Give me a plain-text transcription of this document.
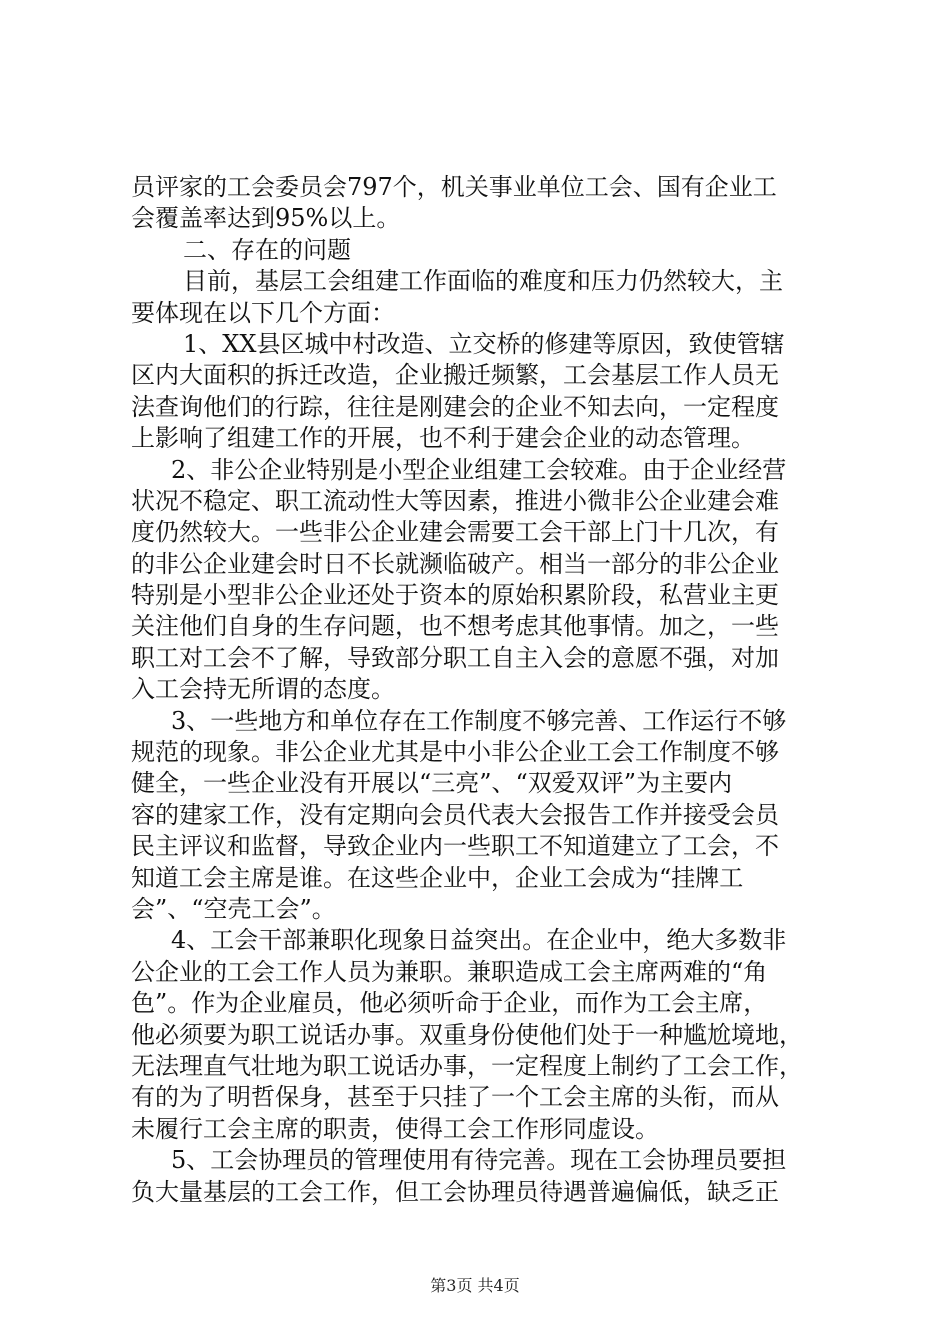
员评家的工会委员会797个，机关事业单位工会、国有企业工
会覆盖率达到95%以上。
二、存在的问题
目前，基层工会组建工作面临的难度和压力仍然较大，主
要体现在以下几个方面：
1、XX县区城中村改造、立交桥的修建等原因，致使管辖
区内大面积的拆迁改造，企业搬迁频繁，工会基层工作人员无
法查询他们的行踪，往往是刚建会的企业不知去向，一定程度
上影响了组建工作的开展，也不利于建会企业的动态管理。
2、非公企业特别是小型企业组建工会较难。由于企业经营
状况不稳定、职工流动性大等因素，推进小微非公企业建会难
度仍然较大。一些非公企业建会需要工会干部上门十几次，有
的非公企业建会时日不长就濒临破产。相当一部分的非公企业
特别是小型非公企业还处于资本的原始积累阶段，私营业主更
关注他们自身的生存问题，也不想考虑其他事情。加之，一些
职工对工会不了解，导致部分职工自主入会的意愿不强，对加
入工会持无所谓的态度。
3、一些地方和单位存在工作制度不够完善、工作运行不够
规范的现象。非公企业尤其是中小非公企业工会工作制度不够
健全，一些企业没有开展以“三亮”、“双爱双评”为主要内
容的建家工作，没有定期向会员代表大会报告工作并接受会员
民主评议和监督，导致企业内一些职工不知道建立了工会，不
知道工会主席是谁。在这些企业中，企业工会成为“挂牌工
会”、“空壳工会”。
4、工会干部兼职化现象日益突出。在企业中，绝大多数非
公企业的工会工作人员为兼职。兼职造成工会主席两难的“角
色”。作为企业雇员，他必须听命于企业，而作为工会主席，
他必须要为职工说话办事。双重身份使他们处于一种尴尬境地，
无法理直气壮地为职工说话办事，一定程度上制约了工会工作，
有的为了明哲保身，甚至于只挂了一个工会主席的头衔，而从
未履行工会主席的职责，使得工会工作形同虚设。
5、工会协理员的管理使用有待完善。现在工会协理员要担
负大量基层的工会工作，但工会协理员待遇普遍偏低，缺乏正
第3页 共4页
